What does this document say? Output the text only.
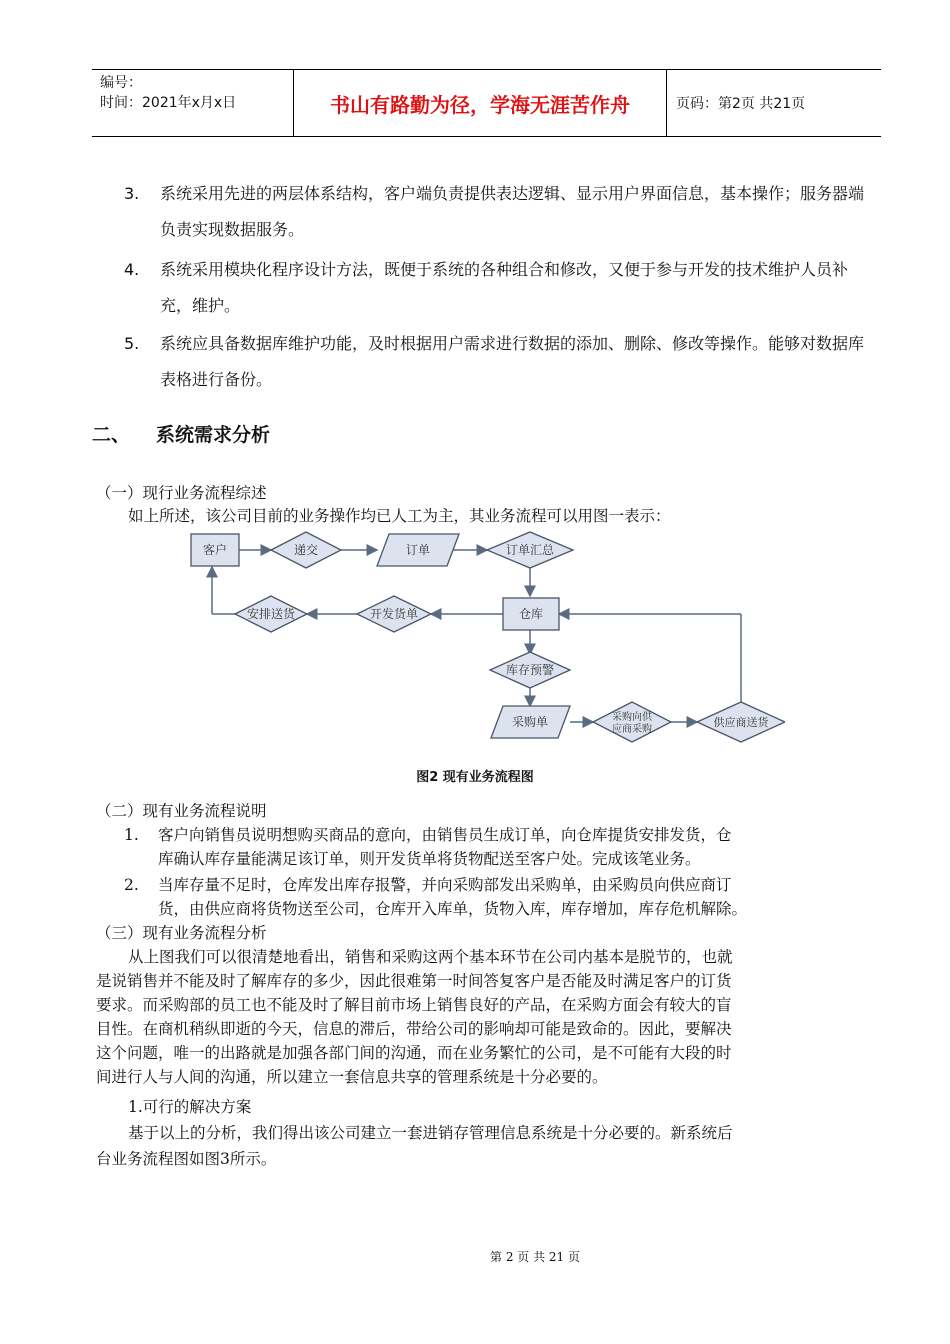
编号：
时间：2021年x月x日	书山有路勤为径，学海无涯苦作舟	页码：第2页 共21页
3.	系统采用先进的两层体系结构，客户端负责提供表达逻辑、显示用户界面信息，基本操作；服务器端负责实现数据服务。
4.	系统采用模块化程序设计方法，既便于系统的各种组合和修改，又便于参与开发的技术维护人员补充，维护。
5.	系统应具备数据库维护功能，及时根据用户需求进行数据的添加、删除、修改等操作。能够对数据库表格进行备份。
二、 系统需求分析
（一）现行业务流程综述
如上所述，该公司目前的业务操作均已人工为主，其业务流程可以用图一表示：
客户	递交	订单	订单汇总
仓库
开发货单
安排送货
库存预警
采购单	采购向供
应商采购
供应商送货
图2 现有业务流程图
（二）现有业务流程说明
1. 客户向销售员说明想购买商品的意向，由销售员生成订单，向仓库提货安排发货，仓
库确认库存量能满足该订单，则开发货单将货物配送至客户处。完成该笔业务。
2. 当库存量不足时，仓库发出库存报警，并向采购部发出采购单，由采购员向供应商订
货，由供应商将货物送至公司，仓库开入库单，货物入库，库存增加，库存危机解除。
（三）现有业务流程分析
从上图我们可以很清楚地看出，销售和采购这两个基本环节在公司内基本是脱节的，也就
是说销售并不能及时了解库存的多少，因此很难第一时间答复客户是否能及时满足客户的订货
要求。而采购部的员工也不能及时了解目前市场上销售良好的产品，在采购方面会有较大的盲
目性。在商机稍纵即逝的今天，信息的滞后，带给公司的影响却可能是致命的。因此，要解决
这个问题，唯一的出路就是加强各部门间的沟通，而在业务繁忙的公司，是不可能有大段的时
间进行人与人间的沟通，所以建立一套信息共享的管理系统是十分必要的。
1.可行的解决方案
基于以上的分析，我们得出该公司建立一套进销存管理信息系统是十分必要的。新系统后
台业务流程图如图3所示。
第 2 页 共 21 页
